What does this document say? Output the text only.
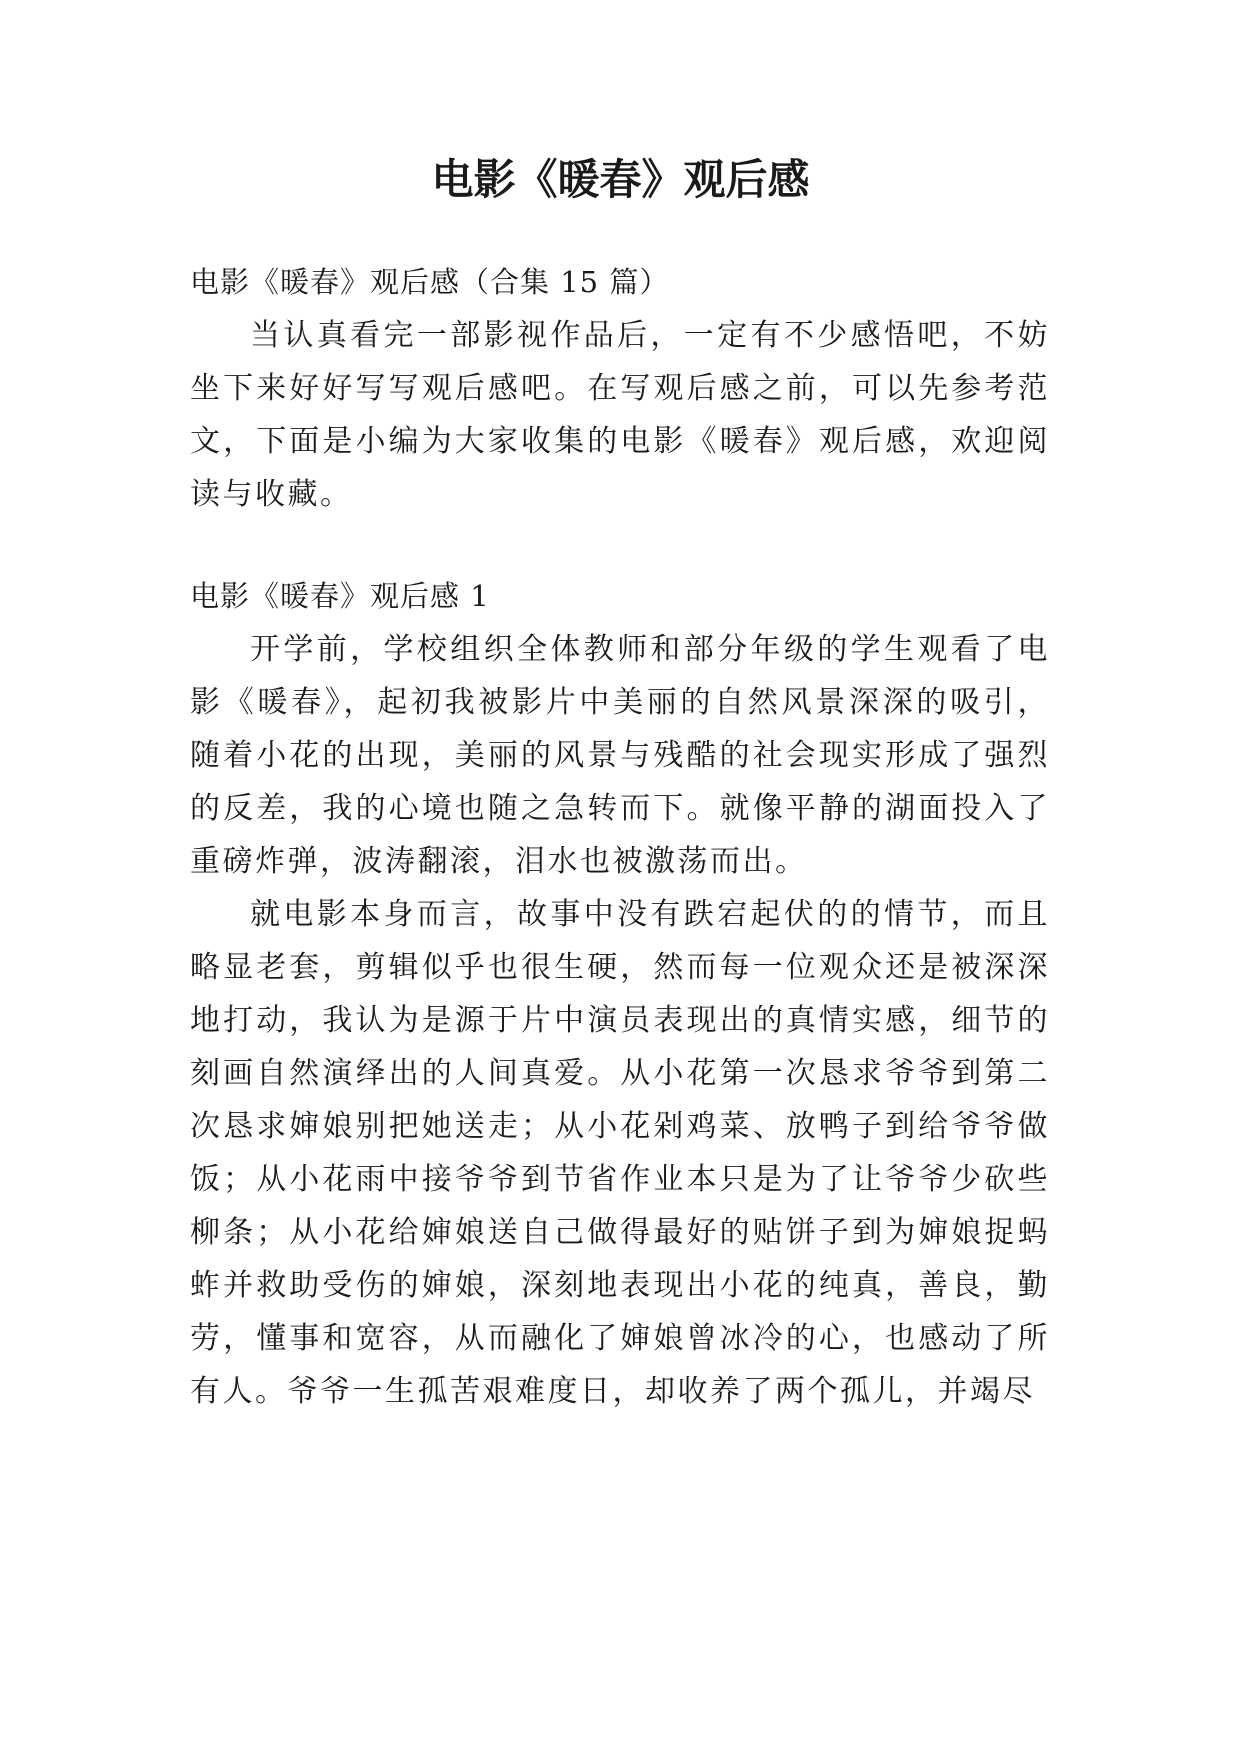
电影《暖春》观后感

电影《暖春》观后感（合集 15 篇）

当认真看完一部影视作品后，一定有不少感悟吧，不妨坐下来好好写写观后感吧。在写观后感之前，可以先参考范文，下面是小编为大家收集的电影《暖春》观后感，欢迎阅读与收藏。

电影《暖春》观后感 1

开学前，学校组织全体教师和部分年级的学生观看了电影《暖春》，起初我被影片中美丽的自然风景深深的吸引，随着小花的出现，美丽的风景与残酷的社会现实形成了强烈的反差，我的心境也随之急转而下。就像平静的湖面投入了重磅炸弹，波涛翻滚，泪水也被激荡而出。

就电影本身而言，故事中没有跌宕起伏的的情节，而且略显老套，剪辑似乎也很生硬，然而每一位观众还是被深深地打动，我认为是源于片中演员表现出的真情实感，细节的刻画自然演绎出的人间真爱。从小花第一次恳求爷爷到第二次恳求婶娘别把她送走；从小花剁鸡菜、放鸭子到给爷爷做饭；从小花雨中接爷爷到节省作业本只是为了让爷爷少砍些柳条；从小花给婶娘送自己做得最好的贴饼子到为婶娘捉蚂蚱并救助受伤的婶娘，深刻地表现出小花的纯真，善良，勤劳，懂事和宽容，从而融化了婶娘曾冰冷的心，也感动了所有人。爷爷一生孤苦艰难度日，却收养了两个孤儿，并竭尽
